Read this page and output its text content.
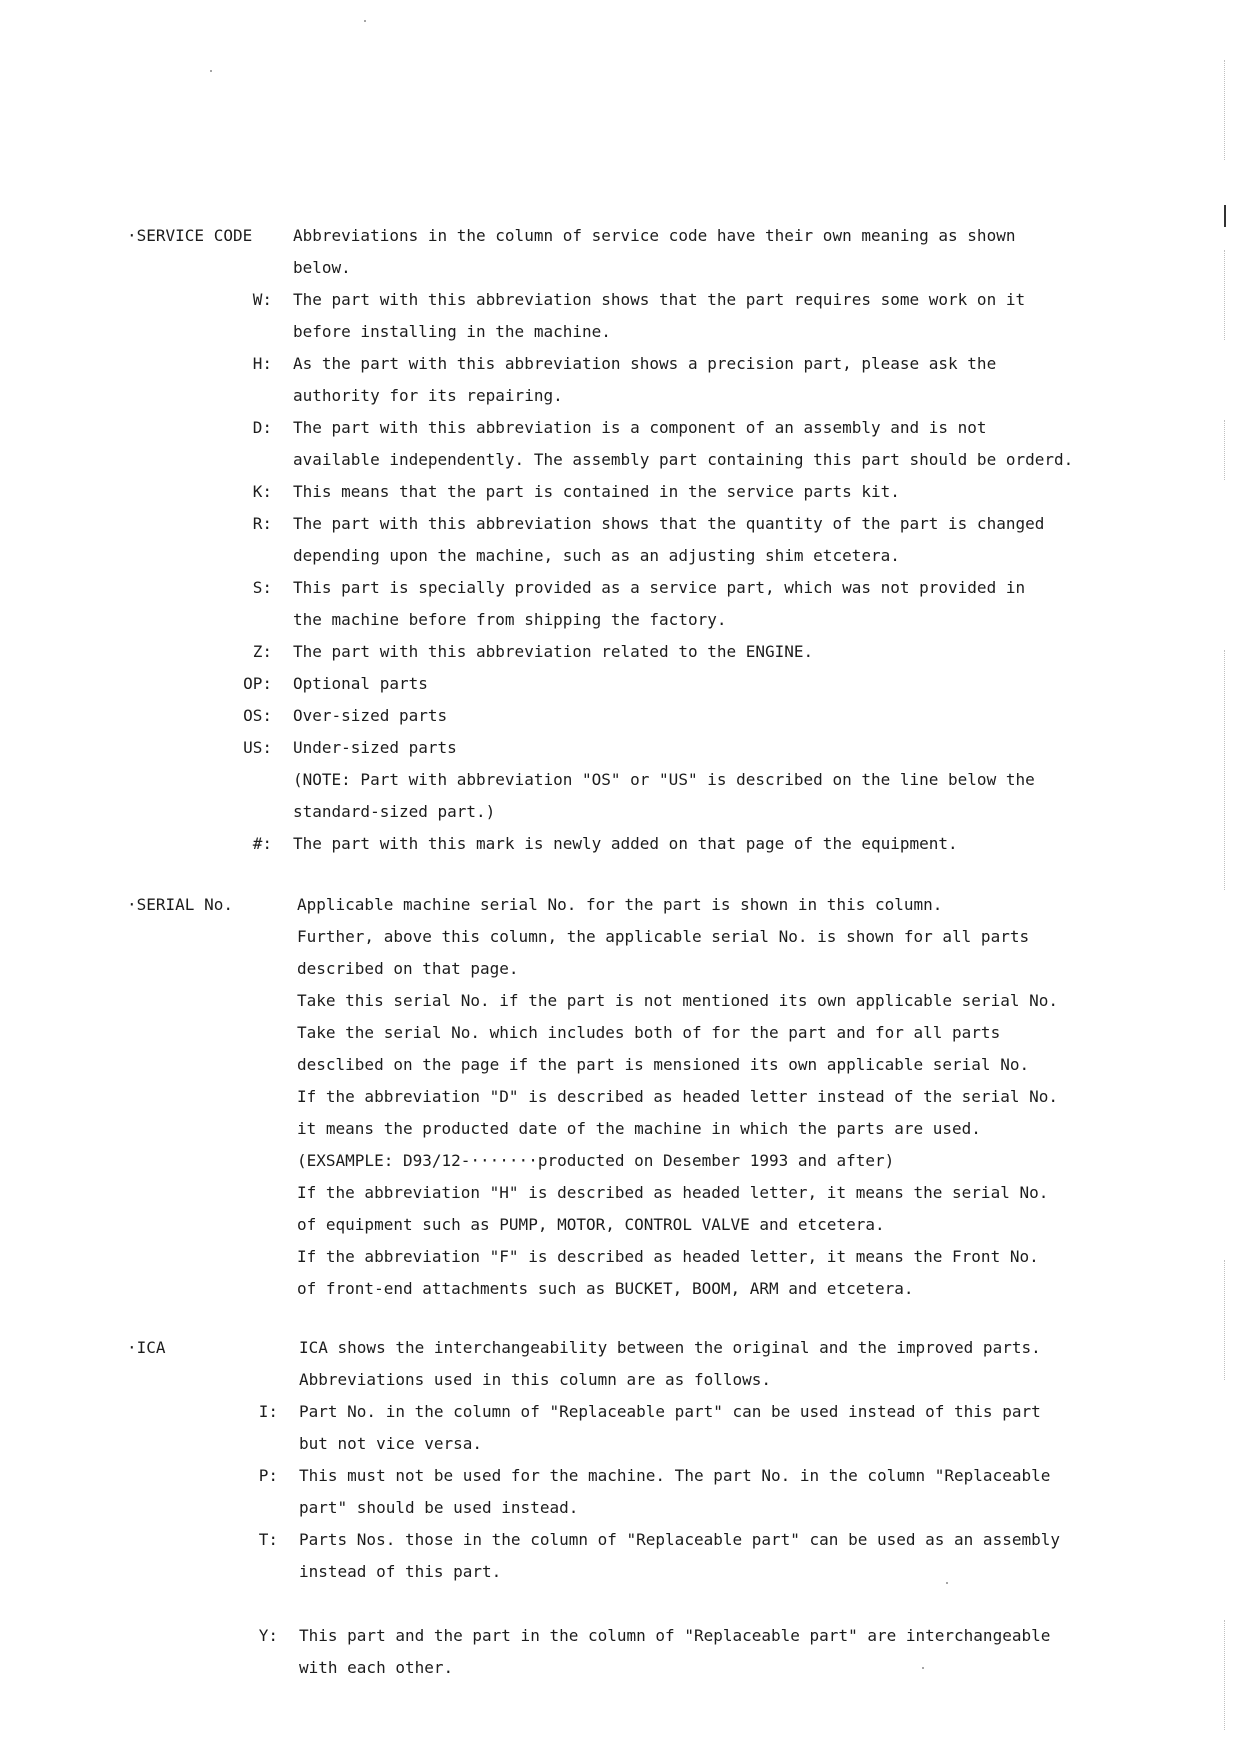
·SERVICE CODE	Abbreviations in the column of service code have their own meaning as shown
below.
W: The part with this abbreviation shows that the part requires some work on it
before installing in the machine.
H: As the part with this abbreviation shows a precision part, please ask the
authority for its repairing.
D: The part with this abbreviation is a component of an assembly and is not
available independently. The assembly part containing this part should be orderd.
K: This means that the part is contained in the service parts kit.
R: The part with this abbreviation shows that the quantity of the part is changed
depending upon the machine, such as an adjusting shim etcetera.
S: This part is specially provided as a service part, which was not provided in
the machine before from shipping the factory.
Z: The part with this abbreviation related to the ENGINE.
OP: Optional parts
OS: Over-sized parts
US: Under-sized parts
(NOTE: Part with abbreviation "OS" or "US" is described on the line below the
standard-sized part.)
#: The part with this mark is newly added on that page of the equipment.
·SERIAL No.	Applicable machine serial No. for the part is shown in this column.
Further, above this column, the applicable serial No. is shown for all parts
described on that page.
Take this serial No. if the part is not mentioned its own applicable serial No.
Take the serial No. which includes both of for the part and for all parts
desclibed on the page if the part is mensioned its own applicable serial No.
If the abbreviation "D" is described as headed letter instead of the serial No.
it means the producted date of the machine in which the parts are used.
(EXSAMPLE: D93/12-·······producted on Desember 1993 and after)
If the abbreviation "H" is described as headed letter, it means the serial No.
of equipment such as PUMP, MOTOR, CONTROL VALVE and etcetera.
If the abbreviation "F" is described as headed letter, it means the Front No.
of front-end attachments such as BUCKET, BOOM, ARM and etcetera.
·ICA	ICA shows the interchangeability between the original and the improved parts.
Abbreviations used in this column are as follows.
I: Part No. in the column of "Replaceable part" can be used instead of this part
but not vice versa.
P: This must not be used for the machine. The part No. in the column "Replaceable
part" should be used instead.
T: Parts Nos. those in the column of "Replaceable part" can be used as an assembly
instead of this part.
Y: This part and the part in the column of "Replaceable part" are interchangeable
with each other.
